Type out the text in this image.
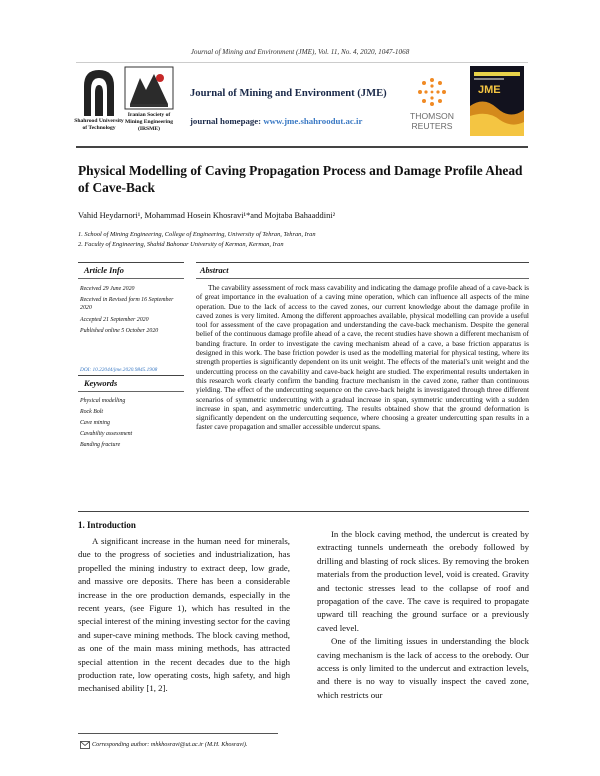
Journal of Mining and Environment (JME), Vol. 11, No. 4, 2020, 1047-1068
Shahrood University of Technology
Iranian Society of Mining Engineering (IRSME)
Journal of Mining and Environment (JME)
journal homepage: www.jme.shahroodut.ac.ir	THOMSON REUTERS
JME
Physical Modelling of Caving Propagation Process and Damage Profile Ahead of Cave-Back
Vahid Heydarnori¹, Mohammad Hosein Khosravi¹*and Mojtaba Bahaaddini²
1. School of Mining Engineering, College of Engineering, University of Tehran, Tehran, Iran
2. Faculty of Engineering, Shahid Bahonar University of Kerman, Kerman, Iran
Article Info	Abstract
Received 29 June 2020
Received in Revised form 16 September 2020
Accepted 21 September 2020
Published online 5 October 2020
DOI: 10.22044/jme.2020.9845.1908
Keywords
Physical modelling
Rock Bolt
Cave mining
Cavability assessment
Banding fracture
The cavability assessment of rock mass cavability and indicating the damage profile ahead of a cave-back is of great importance in the evaluation of a caving mine operation, which can influence all aspects of the mine operation. Due to the lack of access to the caved zones, our current knowledge about the damage profile in caved zones is very limited. Among the different approaches available, physical modelling can provide a useful tool for assessment of the cave propagation and understanding the cave-back mechanism. Despite the general belief of the continuous damage profile ahead of a cave, the recent studies have shown a different mechanism of banding fracture. In order to investigate the caving mechanism ahead of a cave, a base friction apparatus is designed in this work. The base friction powder is used as the modelling material for physical testing, where its strength properties is significantly dependent on its unit weight. The effects of the material's unit weight and the undercutting process on the cavability and cave-back height are studied. The experimental results undertaken in this research work clearly confirm the banding fracture mechanism in the caved zone, rather than continuous yielding. The effect of the undercutting sequence on the cave-back height is investigated through three different scenarios of symmetric undercutting with a gradual increase in span, symmetric undercutting with a sudden increase in span, and asymmetric undercutting. The results obtained show that the ground deformation is significantly dependent on the undercutting sequence, where choosing a greater undercutting span results in a faster cave propagation and smaller accessible undercut spans.
1. Introduction

A significant increase in the human need for minerals, due to the progress of societies and industrialization, has propelled the mining industry to extract deep, low grade, and massive ore deposits. There has been a considerable increase in the ore production demands, especially in the recent years, (see Figure 1), which has resulted in the special interest of the mining investing sector for the caving and super-cave mining methods. The block caving method, as one of the main mass mining methods, has attracted special attention in the recent decades due to the high production rate, low operating costs, high safety, and high mechanised ability [1, 2].

In the block caving method, the undercut is created by extracting tunnels underneath the orebody followed by drilling and blasting of rock slices. By removing the broken materials from the production level, void is created. Gravity and tectonic stresses lead to the collapse of roof and propagation of the cave. The cave is required to propagate upward till reaching the ground surface or a previously caved level.

One of the limiting issues in understanding the block caving mechanism is the lack of access to the orebody. Our access is only limited to the undercut and extraction levels, and there is no way to visually inspect the caved zone, which restricts our

Corresponding author: mhkhosravi@ut.ac.ir (M.H. Khosravi).
